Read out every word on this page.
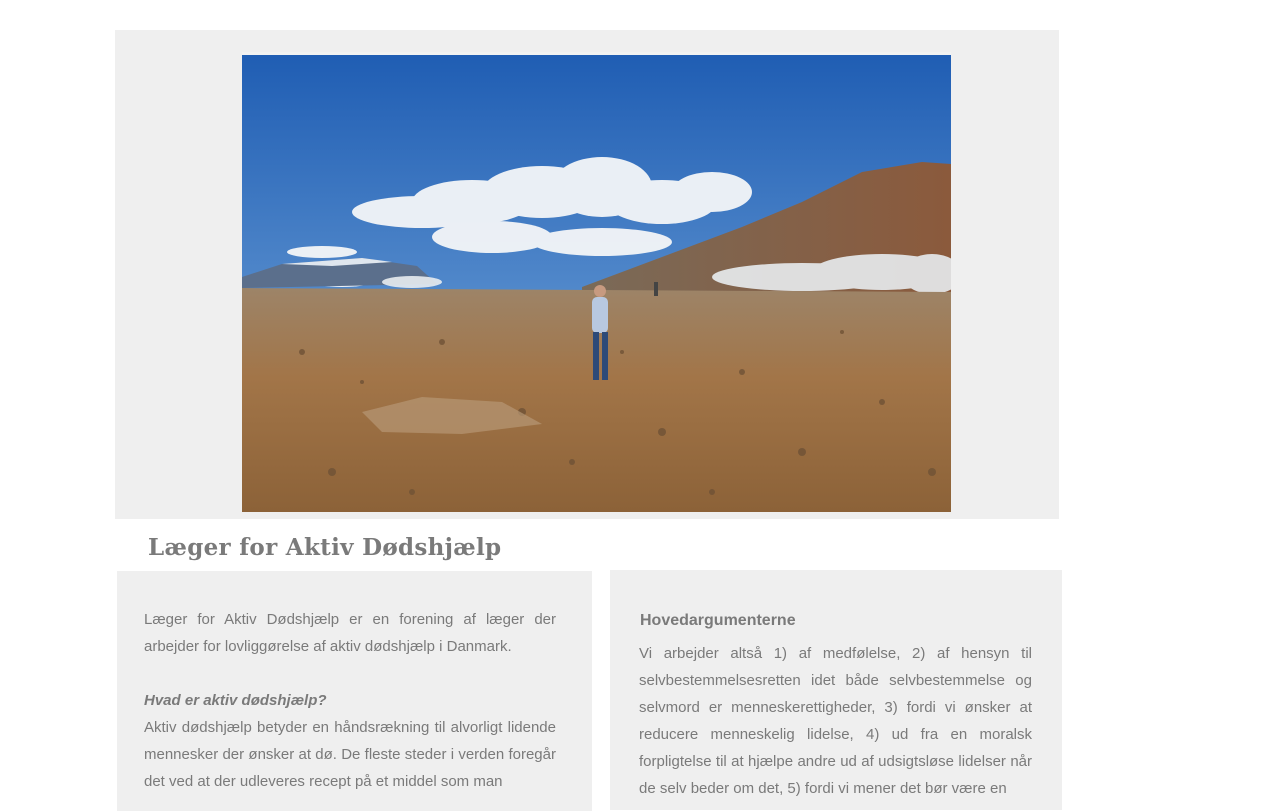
Læger for Aktiv Dødshjælp

Læger for Aktiv Dødshjælp er en forening af læger der arbejder for lovliggørelse af aktiv dødshjælp i Danmark.

Hvad er aktiv dødshjælp?

Aktiv dødshjælp betyder en håndsrækning til alvorligt lidende mennesker der ønsker at dø. De fleste steder i verden foregår det ved at der udleveres recept på et middel som man

Hovedargumenterne

Vi arbejder altså 1) af medfølelse, 2) af hensyn til selvbestemmelsesretten idet både selvbestemmelse og selvmord er menneskerettigheder, 3) fordi vi ønsker at reducere menneskelig lidelse, 4) ud fra en moralsk forpligtelse til at hjælpe andre ud af udsigtsløse lidelser når de selv beder om det, 5) fordi vi mener det bør være en
